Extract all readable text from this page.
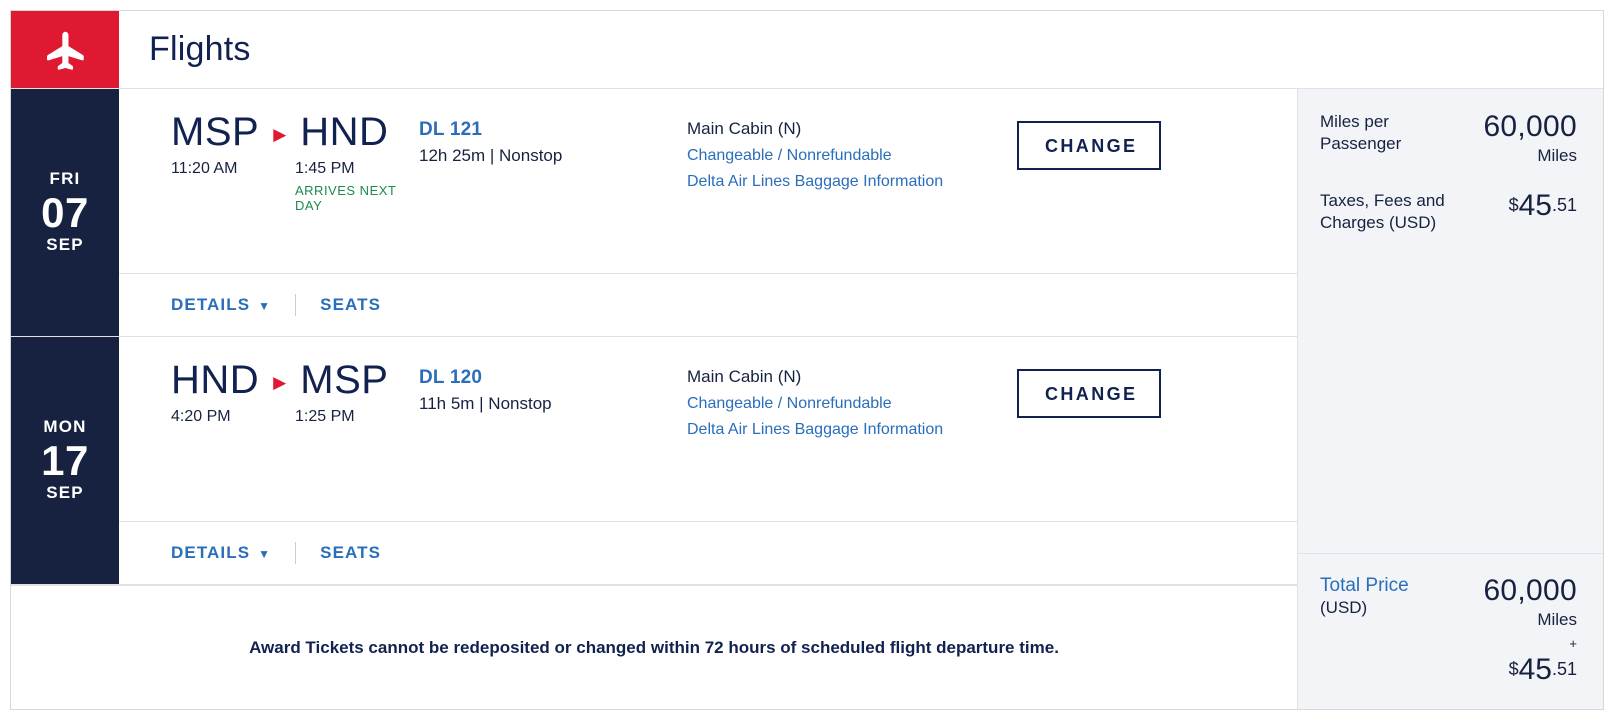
Flights
FRI
07
SEP
MSP ▶ HND
11:20 AM	1:45 PM
ARRIVES NEXT DAY
DL 121
12h 25m | Nonstop
Main Cabin (N)
Changeable / Nonrefundable
Delta Air Lines Baggage Information
CHANGE
DETAILS ▼	SEATS
MON
17
SEP
HND ▶ MSP
4:20 PM	1:25 PM
DL 120
11h 5m | Nonstop
Main Cabin (N)
Changeable / Nonrefundable
Delta Air Lines Baggage Information
CHANGE
DETAILS ▼	SEATS
Award Tickets cannot be redeposited or changed within 72 hours of scheduled flight departure time.
Miles per Passenger
60,000
Miles
Taxes, Fees and Charges (USD)
$45.51
Total Price
(USD)
60,000
Miles
+
$45.51
